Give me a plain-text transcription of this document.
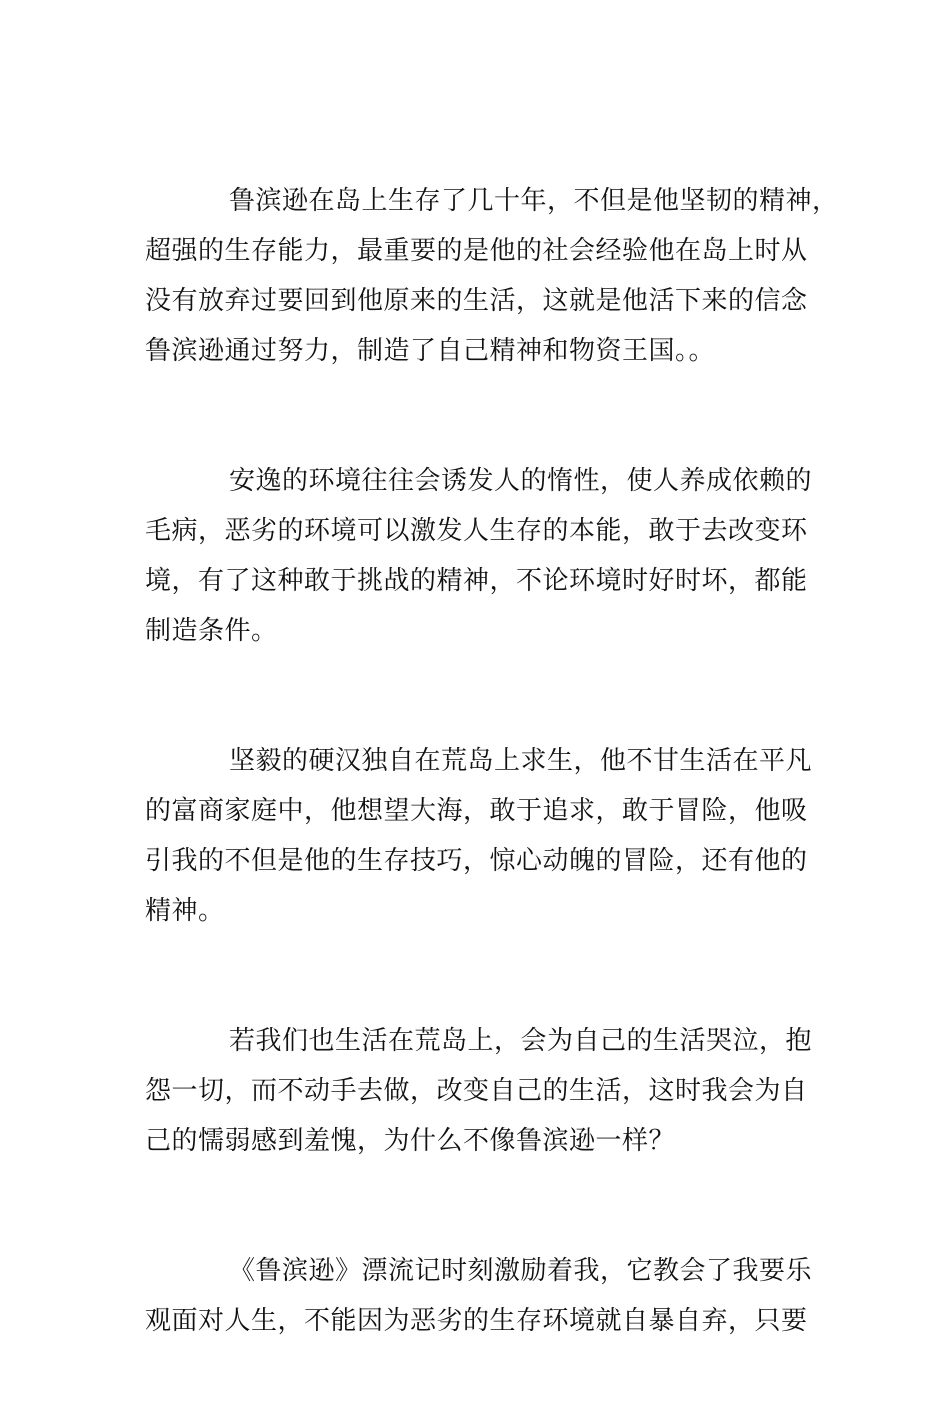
鲁滨逊在岛上生存了几十年，不但是他坚韧的精神，
超强的生存能力，最重要的是他的社会经验他在岛上时从
没有放弃过要回到他原来的生活，这就是他活下来的信念
鲁滨逊通过努力，制造了自己精神和物资王国。。

安逸的环境往往会诱发人的惰性，使人养成依赖的
毛病，恶劣的环境可以激发人生存的本能，敢于去改变环
境，有了这种敢于挑战的精神，不论环境时好时坏，都能
制造条件。

坚毅的硬汉独自在荒岛上求生，他不甘生活在平凡
的富商家庭中，他想望大海，敢于追求，敢于冒险，他吸
引我的不但是他的生存技巧，惊心动魄的冒险，还有他的
精神。

若我们也生活在荒岛上，会为自己的生活哭泣，抱
怨一切，而不动手去做，改变自己的生活，这时我会为自
己的懦弱感到羞愧，为什么不像鲁滨逊一样？

《鲁滨逊》漂流记时刻激励着我，它教会了我要乐
观面对人生，不能因为恶劣的生存环境就自暴自弃，只要
